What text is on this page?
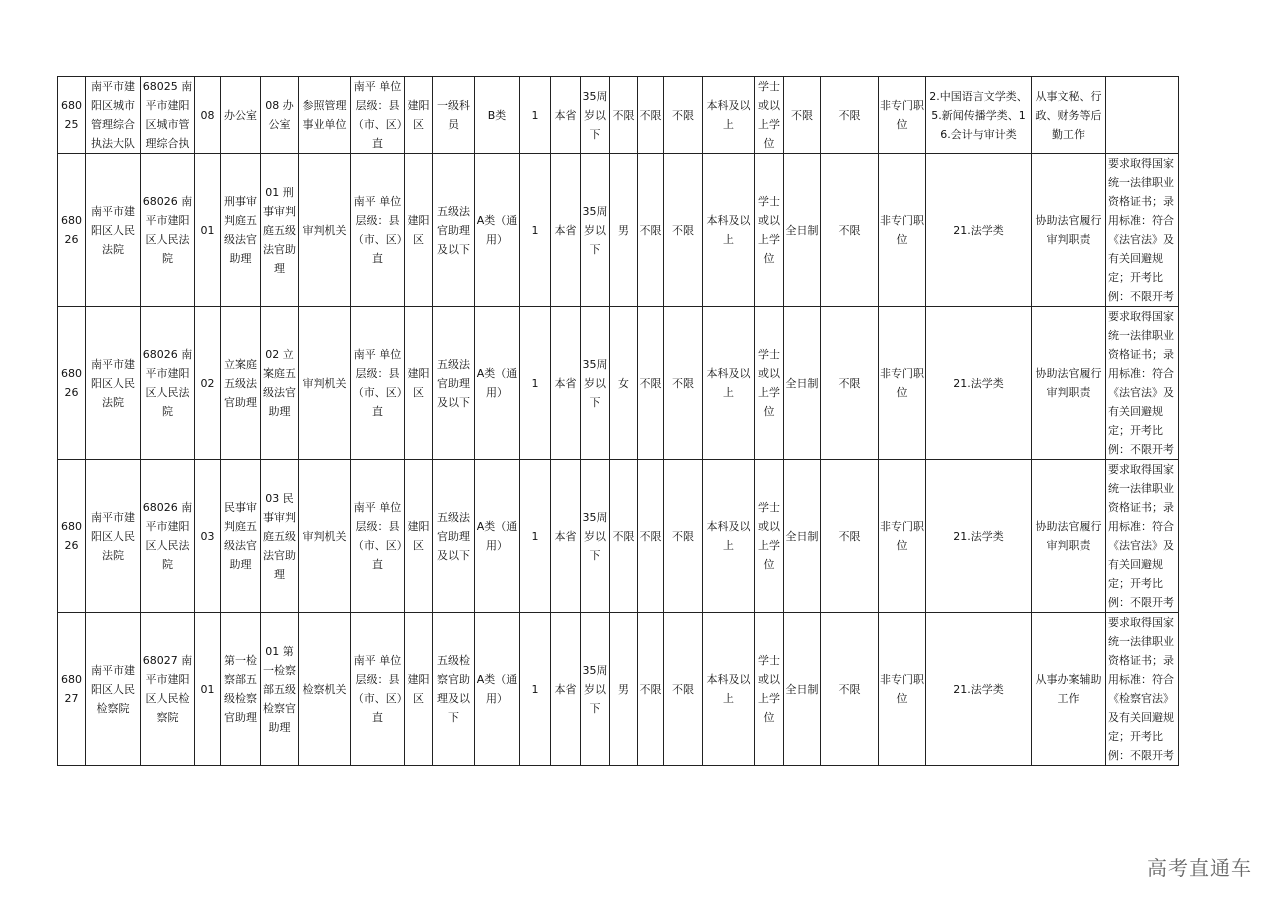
68025	南平市建阳区城市管理综合执法大队	68025 南平市建阳区城市管理综合执	08	办公室	08 办公室	参照管理事业单位	南平 单位层级：县（市、区）直	建阳区	一级科员	B类	1	本省	35周岁以下	不限	不限	不限	本科及以上	学士或以上学位	不限	不限	非专门职位	2.中国语言文学类、5.新闻传播学类、16.会计与审计类	从事文秘、行政、财务等后勤工作	
68026	南平市建阳区人民法院	68026 南平市建阳区人民法院	01	刑事审判庭五级法官助理	01 刑事审判庭五级法官助理	审判机关	南平 单位层级：县（市、区）直	建阳区	五级法官助理及以下	A类（通用）	1	本省	35周岁以下	男	不限	不限	本科及以上	学士或以上学位	全日制	不限	非专门职位	21.法学类	协助法官履行审判职责	要求取得国家统一法律职业资格证书；录用标准：符合《法官法》及有关回避规定；开考比例：不限开考
68026	南平市建阳区人民法院	68026 南平市建阳区人民法院	02	立案庭五级法官助理	02 立案庭五级法官助理	审判机关	南平 单位层级：县（市、区）直	建阳区	五级法官助理及以下	A类（通用）	1	本省	35周岁以下	女	不限	不限	本科及以上	学士或以上学位	全日制	不限	非专门职位	21.法学类	协助法官履行审判职责	要求取得国家统一法律职业资格证书；录用标准：符合《法官法》及有关回避规定；开考比例：不限开考
68026	南平市建阳区人民法院	68026 南平市建阳区人民法院	03	民事审判庭五级法官助理	03 民事审判庭五级法官助理	审判机关	南平 单位层级：县（市、区）直	建阳区	五级法官助理及以下	A类（通用）	1	本省	35周岁以下	不限	不限	不限	本科及以上	学士或以上学位	全日制	不限	非专门职位	21.法学类	协助法官履行审判职责	要求取得国家统一法律职业资格证书；录用标准：符合《法官法》及有关回避规定；开考比例：不限开考
68027	南平市建阳区人民检察院	68027 南平市建阳区人民检察院	01	第一检察部五级检察官助理	01 第一检察部五级检察官助理	检察机关	南平 单位层级：县（市、区）直	建阳区	五级检察官助理及以下	A类（通用）	1	本省	35周岁以下	男	不限	不限	本科及以上	学士或以上学位	全日制	不限	非专门职位	21.法学类	从事办案辅助工作	要求取得国家统一法律职业资格证书；录用标准：符合《检察官法》及有关回避规定；开考比例：不限开考
高考直通车
